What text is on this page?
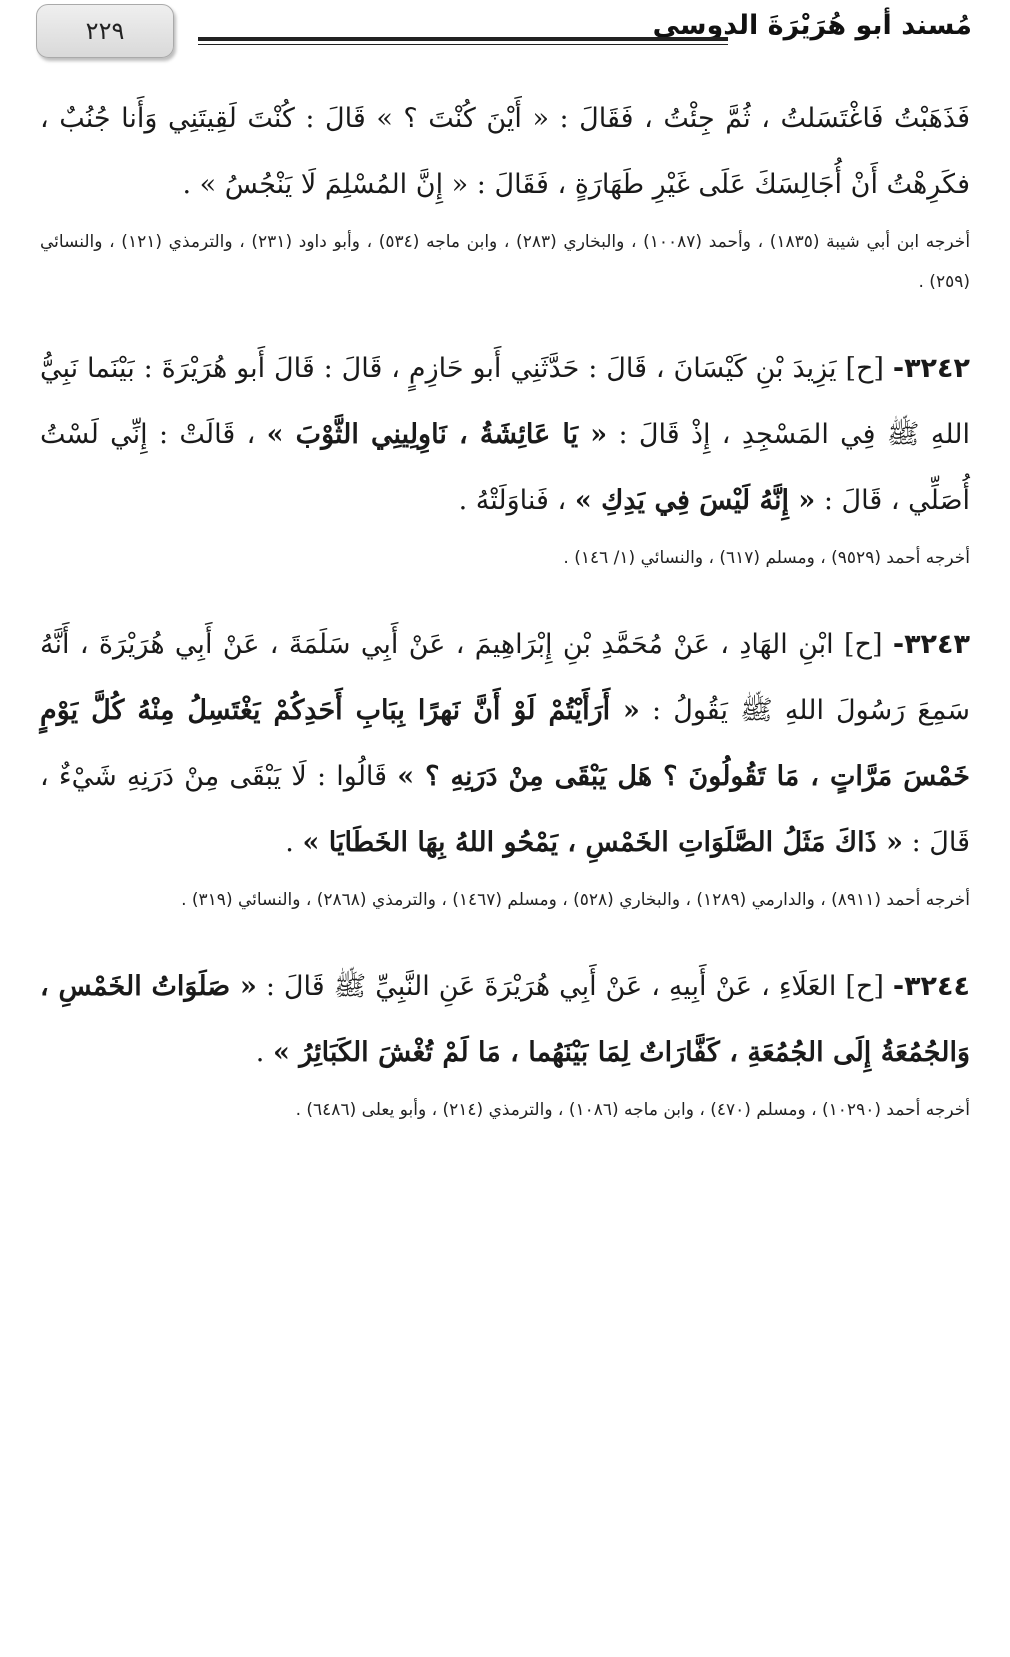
مُسند أبو هُرَيْرَةَ الدوسي
٢٢٩

فَذَهَبْتُ فَاغْتَسَلتُ ، ثُمَّ جِئْتُ ، فَقَالَ : « أَيْنَ كُنْتَ ؟ » قَالَ : كُنْتَ لَقِيتَنِي وَأَنا جُنُبٌ ، فكَرِهْتُ أَنْ أُجَالِسَكَ عَلَى غَيْرِ طَهَارَةٍ ، فَقَالَ : « إِنَّ المُسْلِمَ لَا يَنْجُسُ » .

أخرجه ابن أبي شيبة (١٨٣٥) ، وأحمد (١٠٠٨٧) ، والبخاري (٢٨٣) ، وابن ماجه (٥٣٤) ، وأبو داود (٢٣١) ، والترمذي (١٢١) ، والنسائي (٢٥٩) .

٣٢٤٢- [ح] يَزِيدَ بْنِ كَيْسَانَ ، قَالَ : حَدَّثَنِي أَبو حَازِمٍ ، قَالَ : قَالَ أَبو هُرَيْرَةَ : بَيْنَما نَبِيُّ اللهِ ﷺ فِي المَسْجِدِ ، إِذْ قَالَ : « يَا عَائِشَةُ ، نَاوِلِينِي الثَّوْبَ » ، قَالَتْ : إِنِّي لَسْتُ أُصَلِّي ، قَالَ : « إِنَّهُ لَيْسَ فِي يَدِكِ » ، فَناوَلَتْهُ .

أخرجه أحمد (٩٥٢٩) ، ومسلم (٦١٧) ، والنسائي (١/ ١٤٦) .

٣٢٤٣- [ح] ابْنِ الهَادِ ، عَنْ مُحَمَّدِ بْنِ إِبْرَاهِيمَ ، عَنْ أَبِي سَلَمَةَ ، عَنْ أَبِي هُرَيْرَةَ ، أَنَّهُ سَمِعَ رَسُولَ اللهِ ﷺ يَقُولُ : « أَرَأَيْتُمْ لَوْ أَنَّ نَهرًا بِبَابِ أَحَدِكُمْ يَغْتَسِلُ مِنْهُ كُلَّ يَوْمٍ خَمْسَ مَرَّاتٍ ، مَا تَقُولُونَ ؟ هَل يَبْقَى مِنْ دَرَنِهِ ؟ » قَالُوا : لَا يَبْقَى مِنْ دَرَنِهِ شَيْءٌ ، قَالَ : « ذَاكَ مَثَلُ الصَّلَوَاتِ الخَمْسِ ، يَمْحُو اللهُ بِهَا الخَطَايَا » .

أخرجه أحمد (٨٩١١) ، والدارمي (١٢٨٩) ، والبخاري (٥٢٨) ، ومسلم (١٤٦٧) ، والترمذي (٢٨٦٨) ، والنسائي (٣١٩) .

٣٢٤٤- [ح] العَلَاءِ ، عَنْ أَبِيهِ ، عَنْ أَبِي هُرَيْرَةَ عَنِ النَّبِيِّ ﷺ قَالَ : « صَلَوَاتُ الخَمْسِ ، وَالجُمُعَةُ إِلَى الجُمُعَةِ ، كَفَّارَاتٌ لِمَا بَيْنَهُما ، مَا لَمْ تُغْشَ الكَبَائِرُ » .

أخرجه أحمد (١٠٢٩٠) ، ومسلم (٤٧٠) ، وابن ماجه (١٠٨٦) ، والترمذي (٢١٤) ، وأبو يعلى (٦٤٨٦) .
